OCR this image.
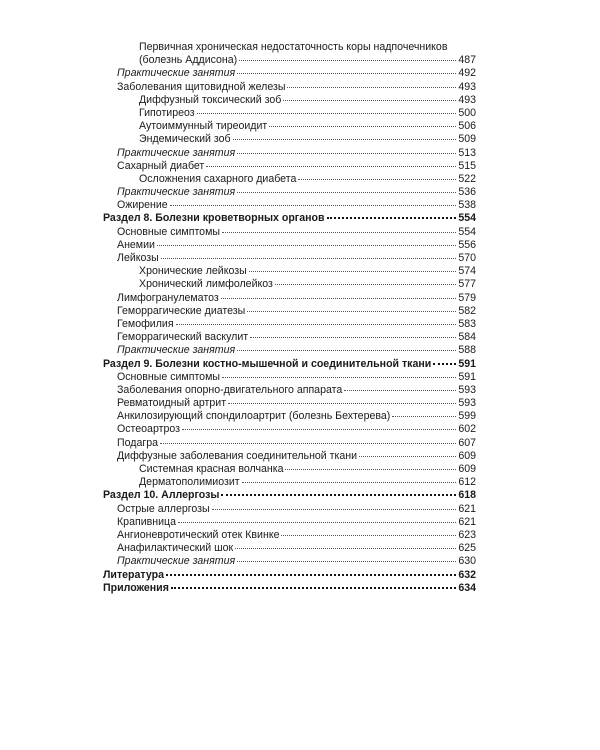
Первичная хроническая недостаточность коры надпочечников
(болезнь Аддисона)	487
Практические занятия	492
Заболевания щитовидной железы	493
Диффузный токсический зоб	493
Гипотиреоз	500
Аутоиммунный тиреоидит	506
Эндемический зоб	509
Практические занятия	513
Сахарный диабет	515
Осложнения сахарного диабета	522
Практические занятия	536
Ожирение	538
Раздел 8. Болезни кроветворных органов	554
Основные симптомы	554
Анемии	556
Лейкозы	570
Хронические лейкозы	574
Хронический лимфолейкоз	577
Лимфогранулематоз	579
Геморрагические диатезы	582
Гемофилия	583
Геморрагический васкулит	584
Практические занятия	588
Раздел 9. Болезни костно-мышечной и соединительной ткани	591
Основные симптомы	591
Заболевания опорно-двигательного аппарата	593
Ревматоидный артрит	593
Анкилозирующий спондилоартрит (болезнь Бехтерева)	599
Остеоартроз	602
Подагра	607
Диффузные заболевания соединительной ткани	609
Системная красная волчанка	609
Дерматополимиозит	612
Раздел 10. Аллергозы	618
Острые аллергозы	621
Крапивница	621
Ангионевротический отек Квинке	623
Анафилактический шок	625
Практические занятия	630
Литература	632
Приложения	634
